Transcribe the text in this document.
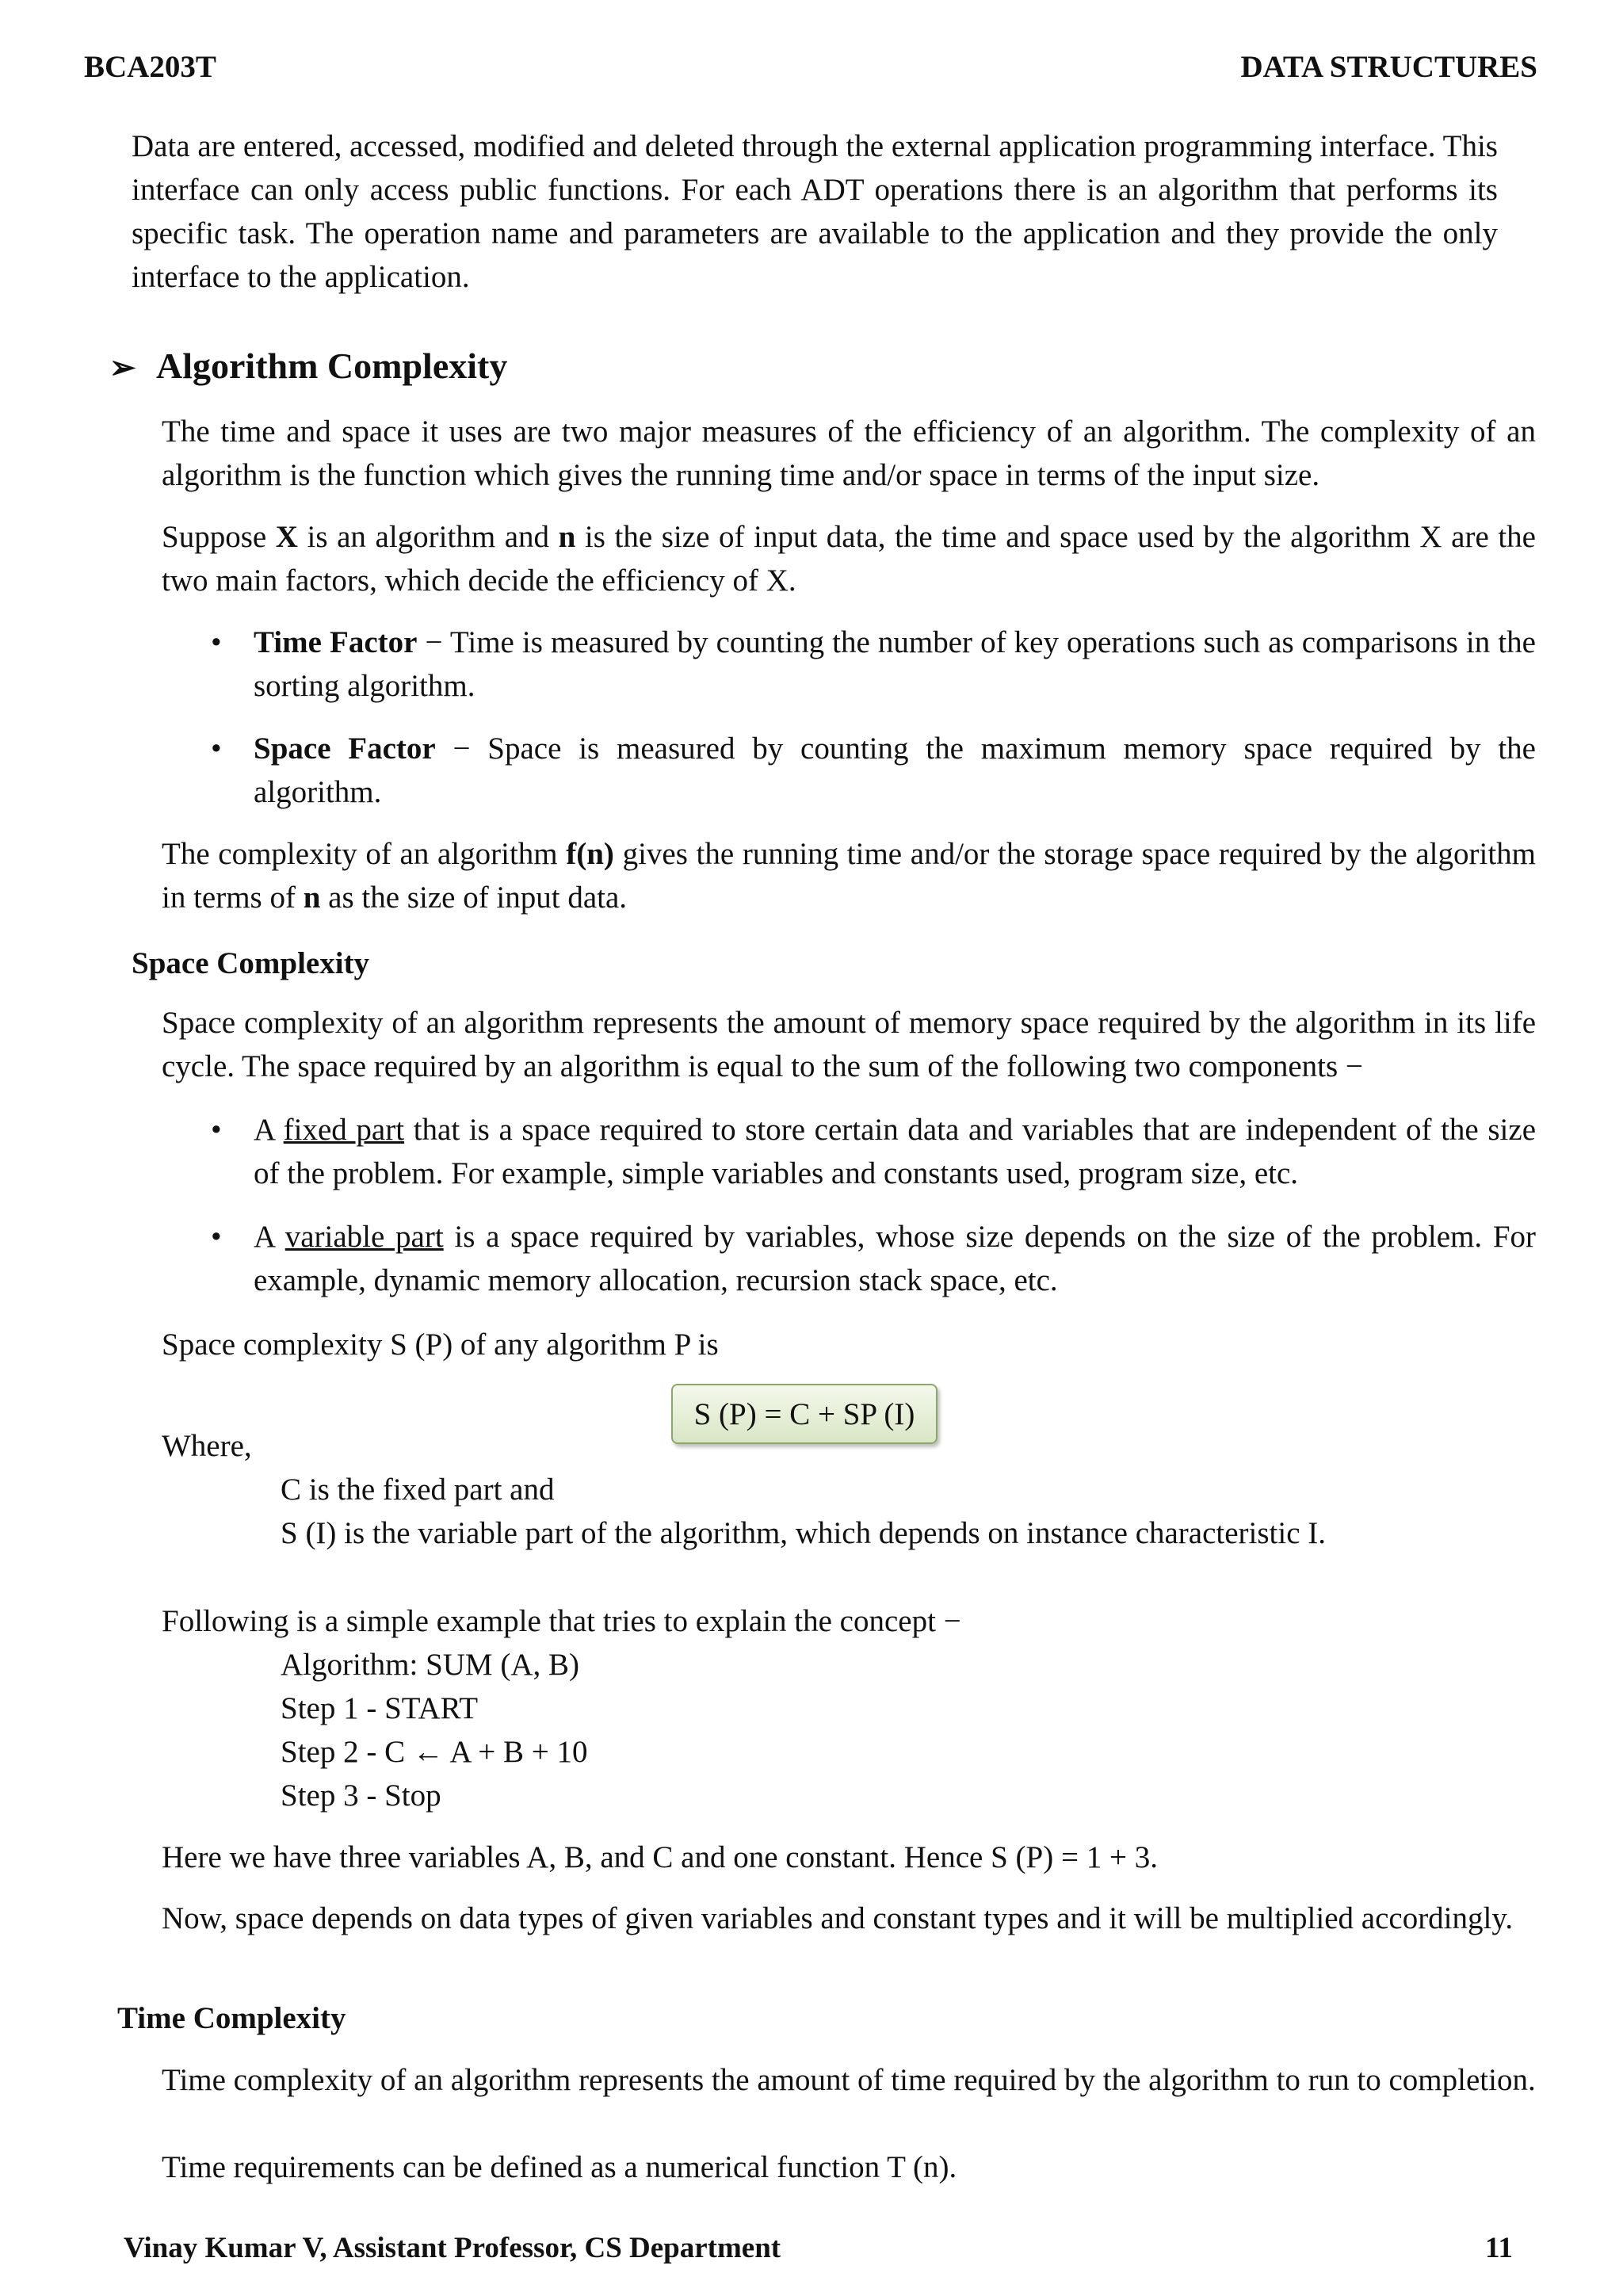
BCA203T	DATA STRUCTURES
Data are entered, accessed, modified and deleted through the external application programming interface. This interface can only access public functions. For each ADT operations there is an algorithm that performs its specific task. The operation name and parameters are available to the application and they provide the only interface to the application.
➢ Algorithm Complexity
The time and space it uses are two major measures of the efficiency of an algorithm. The complexity of an algorithm is the function which gives the running time and/or space in terms of the input size.
Suppose X is an algorithm and n is the size of input data, the time and space used by the algorithm X are the two main factors, which decide the efficiency of X.
• Time Factor − Time is measured by counting the number of key operations such as comparisons in the sorting algorithm.
• Space Factor − Space is measured by counting the maximum memory space required by the algorithm.
The complexity of an algorithm f(n) gives the running time and/or the storage space required by the algorithm in terms of n as the size of input data.
Space Complexity
Space complexity of an algorithm represents the amount of memory space required by the algorithm in its life cycle. The space required by an algorithm is equal to the sum of the following two components −
• A fixed part that is a space required to store certain data and variables that are independent of the size of the problem. For example, simple variables and constants used, program size, etc.
• A variable part is a space required by variables, whose size depends on the size of the problem. For example, dynamic memory allocation, recursion stack space, etc.
Space complexity S (P) of any algorithm P is
S (P) = C + SP (I)
Where,
C is the fixed part and
S (I) is the variable part of the algorithm, which depends on instance characteristic I.
Following is a simple example that tries to explain the concept −
Algorithm: SUM (A, B)
Step 1 - START
Step 2 - C ← A + B + 10
Step 3 - Stop
Here we have three variables A, B, and C and one constant. Hence S (P) = 1 + 3.
Now, space depends on data types of given variables and constant types and it will be multiplied accordingly.
Time Complexity
Time complexity of an algorithm represents the amount of time required by the algorithm to run to completion.
Time requirements can be defined as a numerical function T (n).
Vinay Kumar V, Assistant Professor, CS Department	11
